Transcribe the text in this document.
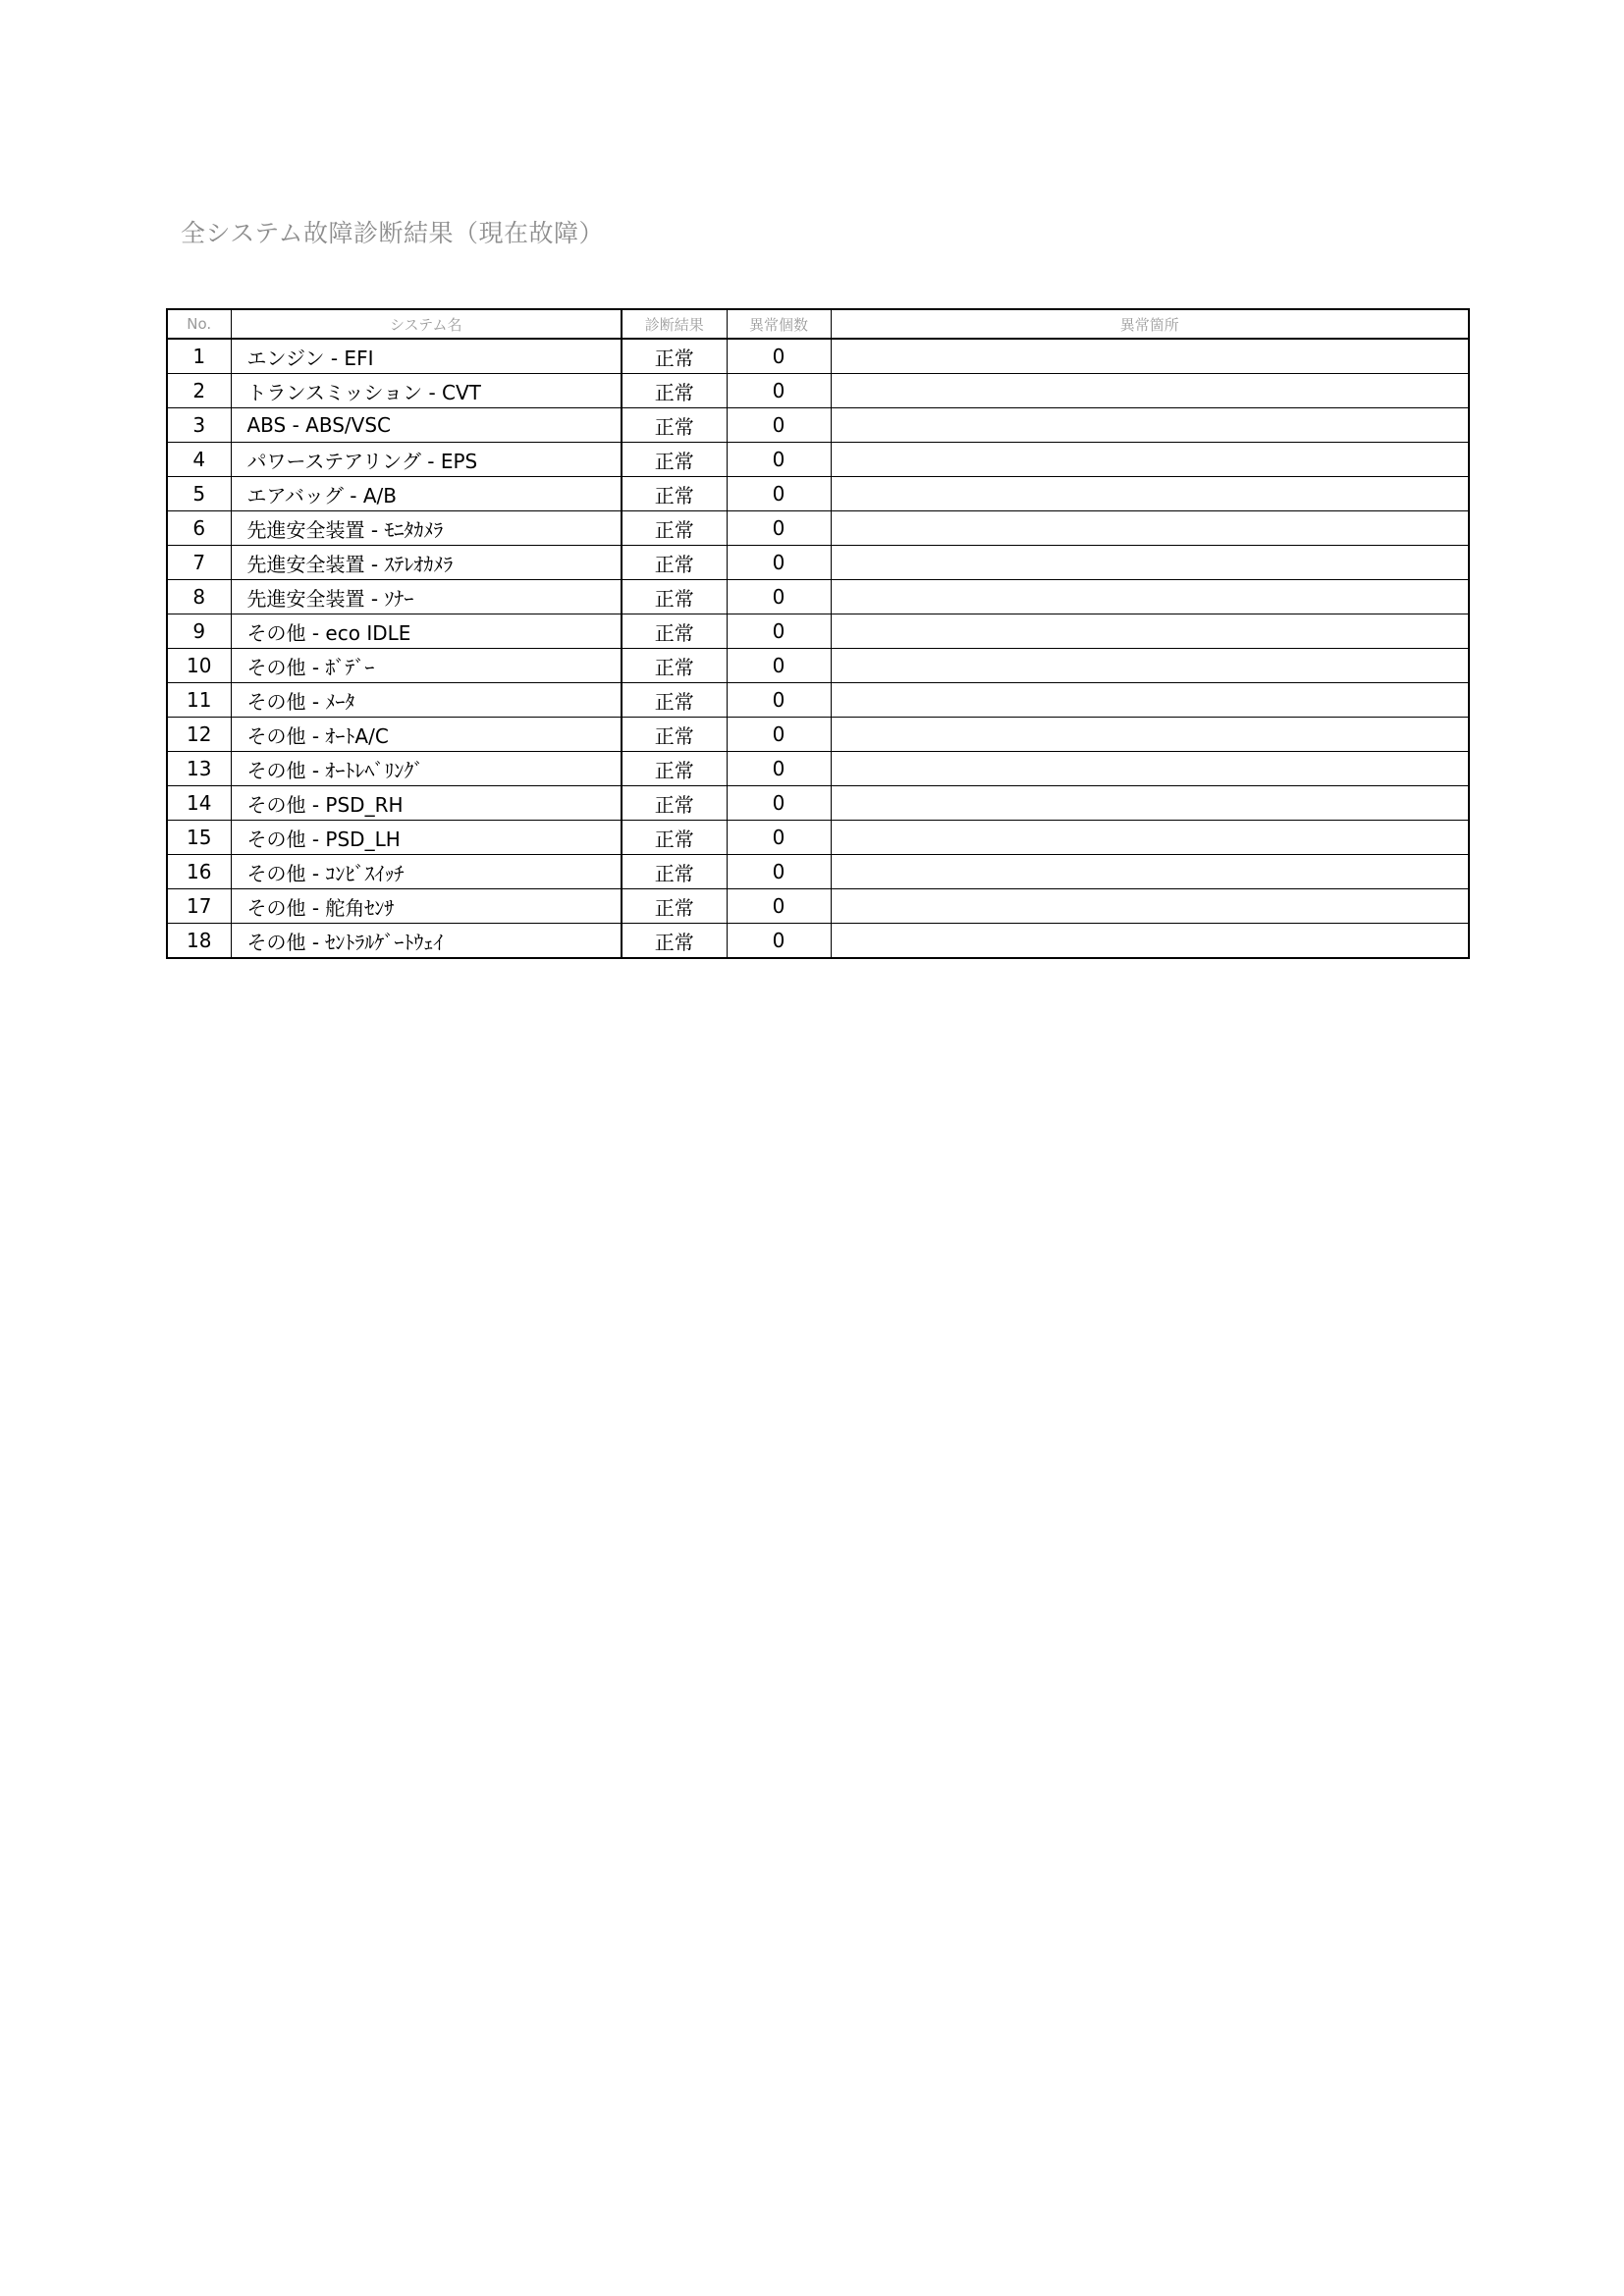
全システム故障診断結果（現在故障）
No.	システム名	診断結果	異常個数	異常箇所
1	エンジン - EFI	正常	0	
2	トランスミッション - CVT	正常	0	
3	ABS - ABS/VSC	正常	0	
4	パワーステアリング - EPS	正常	0	
5	エアバッグ - A/B	正常	0	
6	先進安全装置 - ﾓﾆﾀｶﾒﾗ	正常	0	
7	先進安全装置 - ｽﾃﾚｵｶﾒﾗ	正常	0	
8	先進安全装置 - ｿﾅｰ	正常	0	
9	その他 - eco IDLE	正常	0	
10	その他 - ﾎﾞﾃﾞｰ	正常	0	
11	その他 - ﾒｰﾀ	正常	0	
12	その他 - ｵｰﾄA/C	正常	0	
13	その他 - ｵｰﾄﾚﾍﾞﾘﾝｸﾞ	正常	0	
14	その他 - PSD_RH	正常	0	
15	その他 - PSD_LH	正常	0	
16	その他 - ｺﾝﾋﾞｽｲｯﾁ	正常	0	
17	その他 - 舵角ｾﾝｻ	正常	0	
18	その他 - ｾﾝﾄﾗﾙｹﾞｰﾄｳｪｲ	正常	0	
